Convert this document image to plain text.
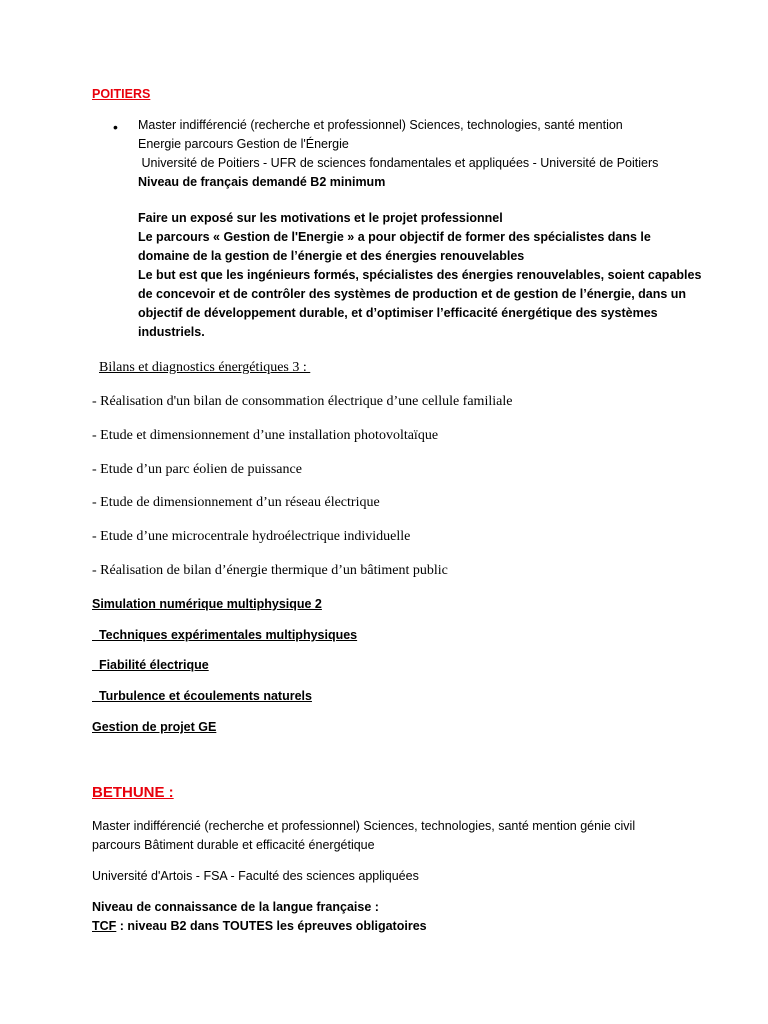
POITIERS

• Master indifférencié (recherche et professionnel) Sciences, technologies, santé mention
Energie parcours Gestion de l'Énergie
Université de Poitiers - UFR de sciences fondamentales et appliquées - Université de Poitiers
Niveau de français demandé B2 minimum
Faire un exposé sur les motivations et le projet professionnel
Le parcours « Gestion de l'Energie » a pour objectif de former des spécialistes dans le
domaine de la gestion de l’énergie et des énergies renouvelables
Le but est que les ingénieurs formés, spécialistes des énergies renouvelables, soient capables
de concevoir et de contrôler des systèmes de production et de gestion de l’énergie, dans un
objectif de développement durable, et d’optimiser l’efficacité énergétique des systèmes
industriels.

Bilans et diagnostics énergétiques 3 :

- Réalisation d'un bilan de consommation électrique d’une cellule familiale

- Etude et dimensionnement d’une installation photovoltaïque

- Etude d’un parc éolien de puissance

- Etude de dimensionnement d’un réseau électrique

- Etude d’une microcentrale hydroélectrique individuelle

- Réalisation de bilan d’énergie thermique d’un bâtiment public

Simulation numérique multiphysique 2

Techniques expérimentales multiphysiques

Fiabilité électrique

Turbulence et écoulements naturels

Gestion de projet GE

BETHUNE :

Master indifférencié (recherche et professionnel) Sciences, technologies, santé mention génie civil
parcours Bâtiment durable et efficacité énergétique

Université d'Artois - FSA - Faculté des sciences appliquées

Niveau de connaissance de la langue française :
TCF : niveau B2 dans TOUTES les épreuves obligatoires
